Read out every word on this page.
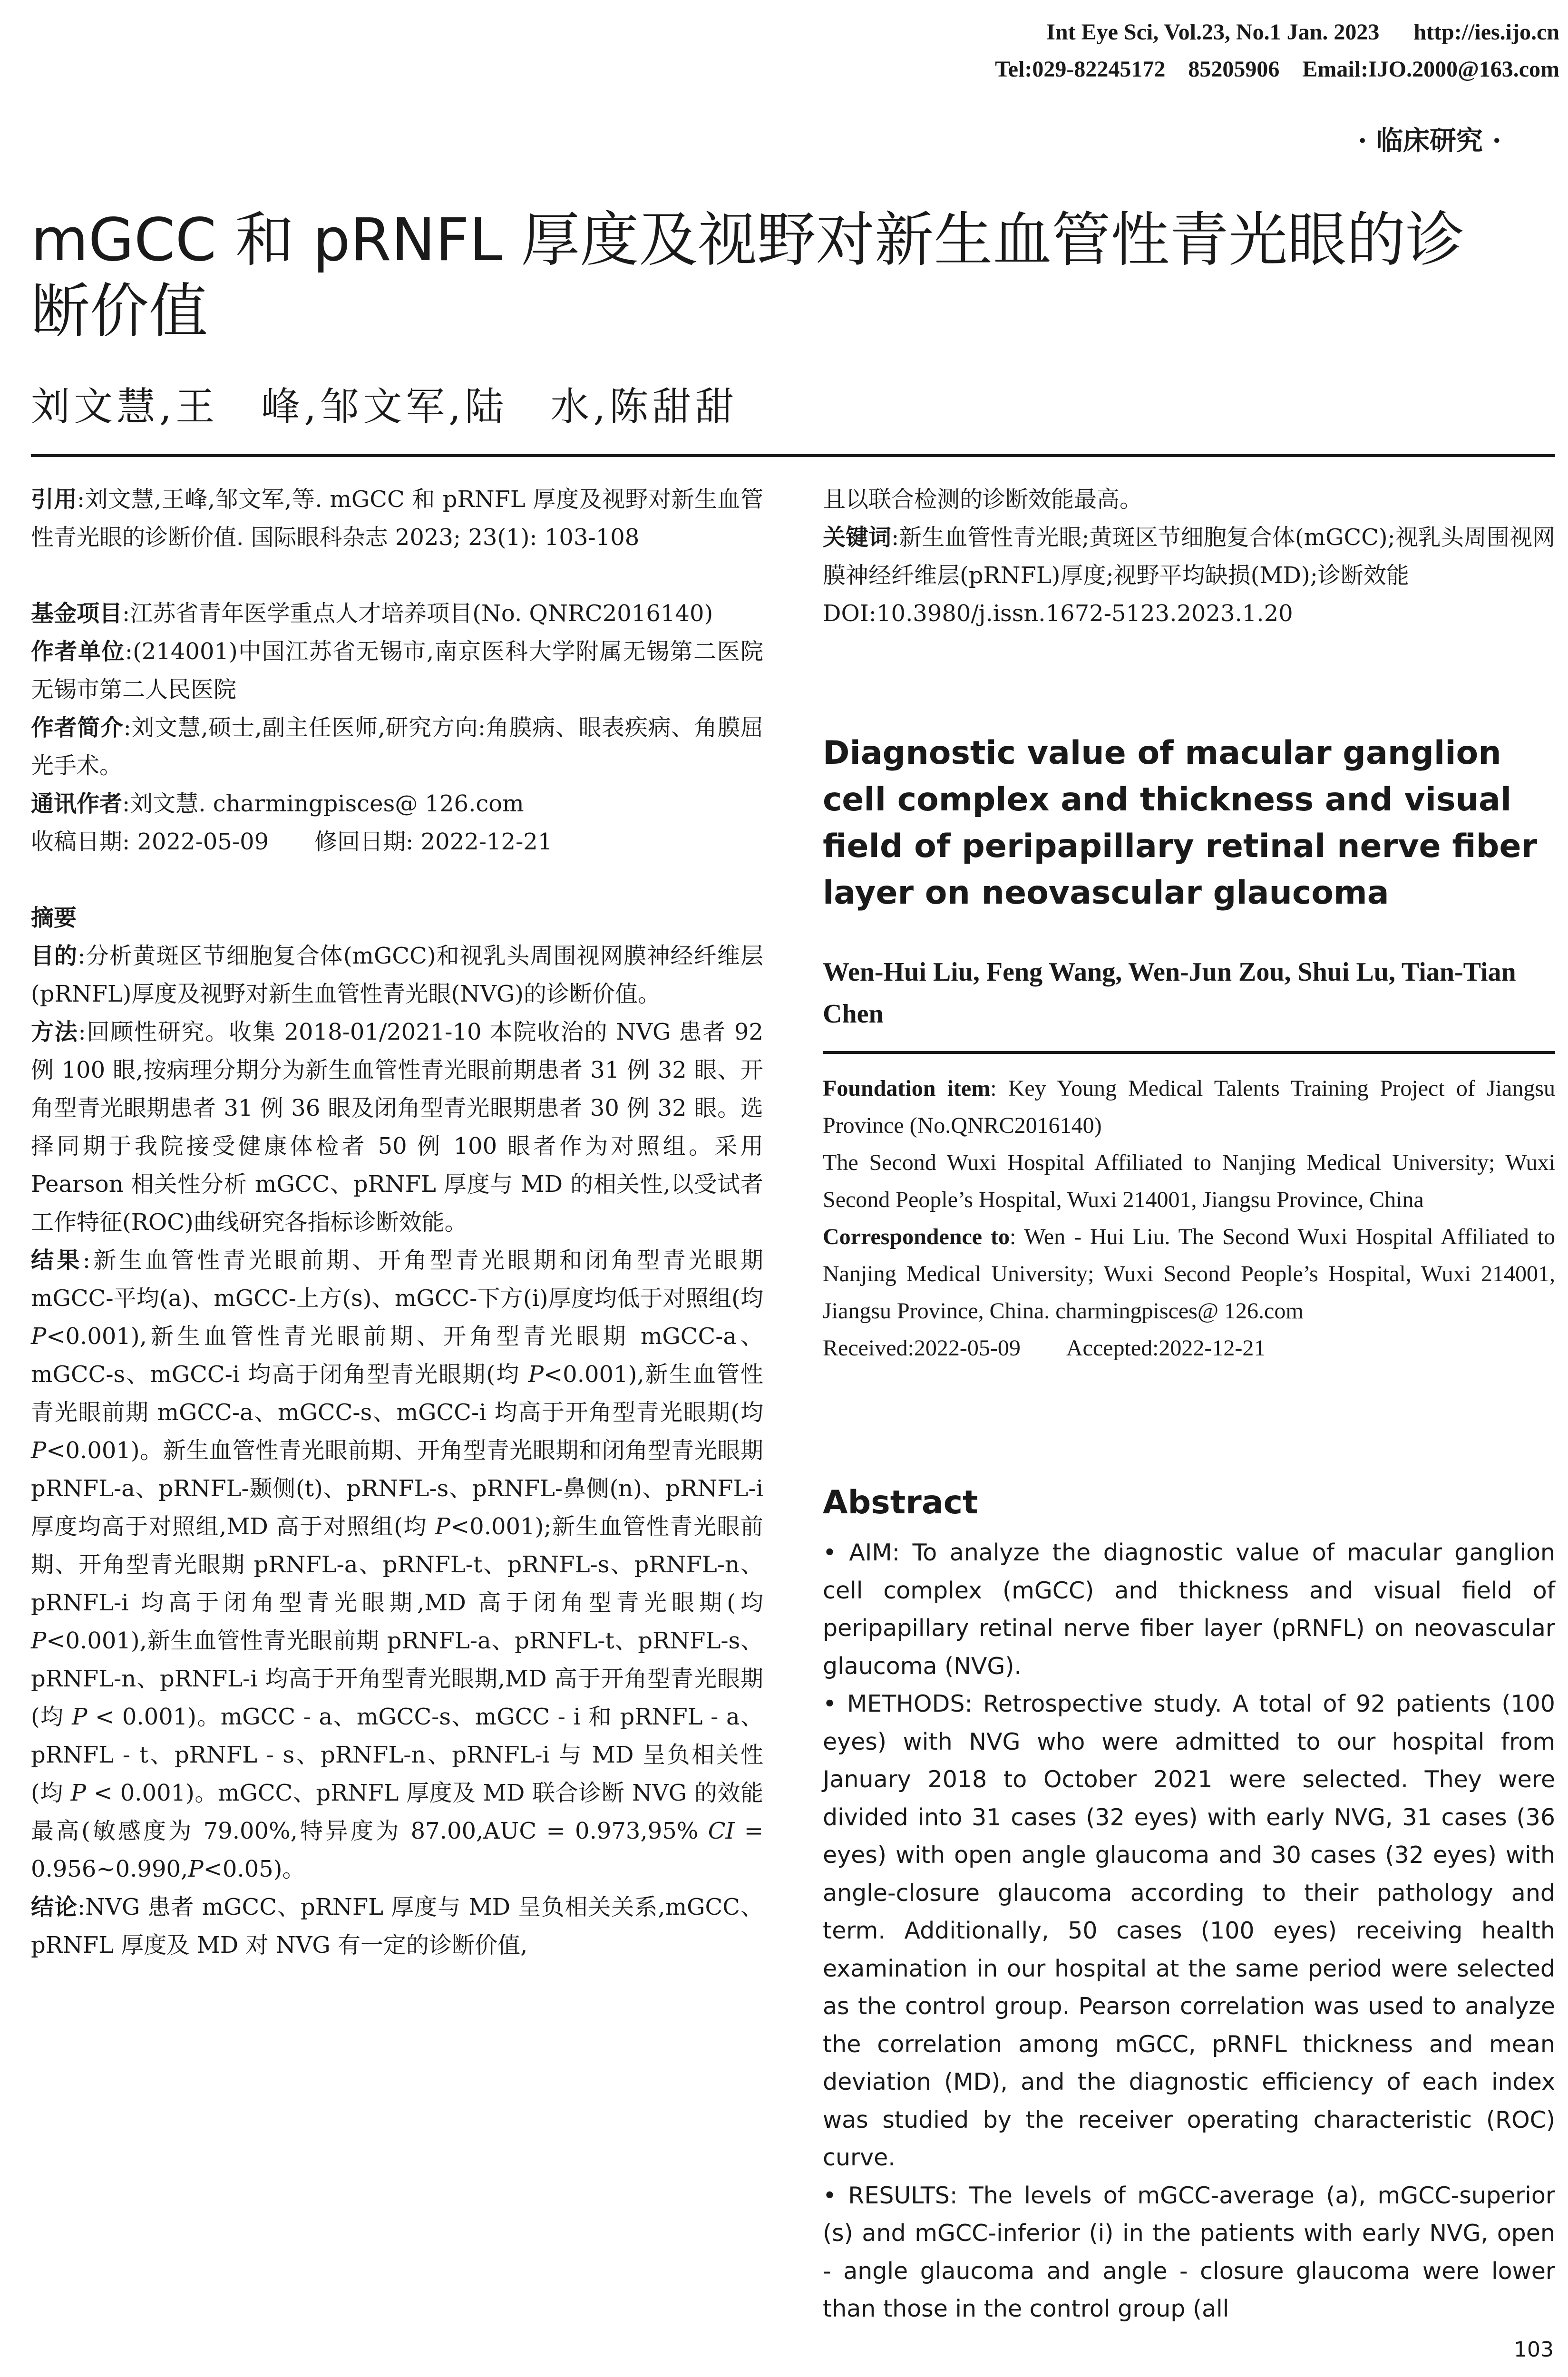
Int Eye Sci, Vol.23, No.1 Jan. 2023      http://ies.ijo.cn
Tel:029-82245172    85205906    Email:IJO.2000@163.com
· 临床研究 ·
mGCC 和 pRNFL 厚度及视野对新生血管性青光眼的诊
断价值
刘文慧,王　峰,邹文军,陆　水,陈甜甜

引用:刘文慧,王峰,邹文军,等. mGCC 和 pRNFL 厚度及视野对新生血管性青光眼的诊断价值. 国际眼科杂志 2023; 23(1): 103-108

基金项目:江苏省青年医学重点人才培养项目(No. QNRC2016140)

作者单位:(214001)中国江苏省无锡市,南京医科大学附属无锡第二医院 无锡市第二人民医院

作者简介:刘文慧,硕士,副主任医师,研究方向:角膜病、眼表疾病、角膜屈光手术。

通讯作者:刘文慧. charmingpisces@ 126.com

收稿日期: 2022-05-09　　修回日期: 2022-12-21

摘要

目的:分析黄斑区节细胞复合体(mGCC)和视乳头周围视网膜神经纤维层(pRNFL)厚度及视野对新生血管性青光眼(NVG)的诊断价值。

方法:回顾性研究。收集 2018-01/2021-10 本院收治的 NVG 患者 92 例 100 眼,按病理分期分为新生血管性青光眼前期患者 31 例 32 眼、开角型青光眼期患者 31 例 36 眼及闭角型青光眼期患者 30 例 32 眼。选择同期于我院接受健康体检者 50 例 100 眼者作为对照组。采用 Pearson 相关性分析 mGCC、pRNFL 厚度与 MD 的相关性,以受试者工作特征(ROC)曲线研究各指标诊断效能。

结果:新生血管性青光眼前期、开角型青光眼期和闭角型青光眼期 mGCC-平均(a)、mGCC-上方(s)、mGCC-下方(i)厚度均低于对照组(均 P<0.001),新生血管性青光眼前期、开角型青光眼期 mGCC-a、mGCC-s、mGCC-i 均高于闭角型青光眼期(均 P<0.001),新生血管性青光眼前期 mGCC-a、mGCC-s、mGCC-i 均高于开角型青光眼期(均 P<0.001)。新生血管性青光眼前期、开角型青光眼期和闭角型青光眼期 pRNFL-a、pRNFL-颞侧(t)、pRNFL-s、pRNFL-鼻侧(n)、pRNFL-i 厚度均高于对照组,MD 高于对照组(均 P<0.001);新生血管性青光眼前期、开角型青光眼期 pRNFL-a、pRNFL-t、pRNFL-s、pRNFL-n、pRNFL-i 均高于闭角型青光眼期,MD 高于闭角型青光眼期(均 P<0.001),新生血管性青光眼前期 pRNFL-a、pRNFL-t、pRNFL-s、pRNFL-n、pRNFL-i 均高于开角型青光眼期,MD 高于开角型青光眼期(均 P < 0.001)。mGCC - a、mGCC-s、mGCC - i 和 pRNFL - a、pRNFL - t、pRNFL - s、pRNFL-n、pRNFL-i 与 MD 呈负相关性(均 P < 0.001)。mGCC、pRNFL 厚度及 MD 联合诊断 NVG 的效能最高(敏感度为 79.00%,特异度为 87.00,AUC = 0.973,95% CI = 0.956~0.990,P<0.05)。

结论:NVG 患者 mGCC、pRNFL 厚度与 MD 呈负相关关系,mGCC、pRNFL 厚度及 MD 对 NVG 有一定的诊断价值,

且以联合检测的诊断效能最高。

关键词:新生血管性青光眼;黄斑区节细胞复合体(mGCC);视乳头周围视网膜神经纤维层(pRNFL)厚度;视野平均缺损(MD);诊断效能

DOI:10.3980/j.issn.1672-5123.2023.1.20

Diagnostic value of macular ganglion cell complex and thickness and visual field of peripapillary retinal nerve fiber layer on neovascular glaucoma
Wen-Hui Liu, Feng Wang, Wen-Jun Zou, Shui Lu, Tian-Tian Chen

Foundation item: Key Young Medical Talents Training Project of Jiangsu Province (No.QNRC2016140)

The Second Wuxi Hospital Affiliated to Nanjing Medical University; Wuxi Second People’s Hospital, Wuxi 214001, Jiangsu Province, China

Correspondence to: Wen - Hui Liu. The Second Wuxi Hospital Affiliated to Nanjing Medical University; Wuxi Second People’s Hospital, Wuxi 214001, Jiangsu Province, China. charmingpisces@ 126.com

Received:2022-05-09　　Accepted:2022-12-21

Abstract

• AIM: To analyze the diagnostic value of macular ganglion cell complex (mGCC) and thickness and visual field of peripapillary retinal nerve fiber layer (pRNFL) on neovascular glaucoma (NVG).

• METHODS: Retrospective study. A total of 92 patients (100 eyes) with NVG who were admitted to our hospital from January 2018 to October 2021 were selected. They were divided into 31 cases (32 eyes) with early NVG, 31 cases (36 eyes) with open angle glaucoma and 30 cases (32 eyes) with angle-closure glaucoma according to their pathology and term. Additionally, 50 cases (100 eyes) receiving health examination in our hospital at the same period were selected as the control group. Pearson correlation was used to analyze the correlation among mGCC, pRNFL thickness and mean deviation (MD), and the diagnostic efficiency of each index was studied by the receiver operating characteristic (ROC) curve.

• RESULTS: The levels of mGCC-average (a), mGCC-superior (s) and mGCC-inferior (i) in the patients with early NVG, open - angle glaucoma and angle - closure glaucoma were lower than those in the control group (all

103
